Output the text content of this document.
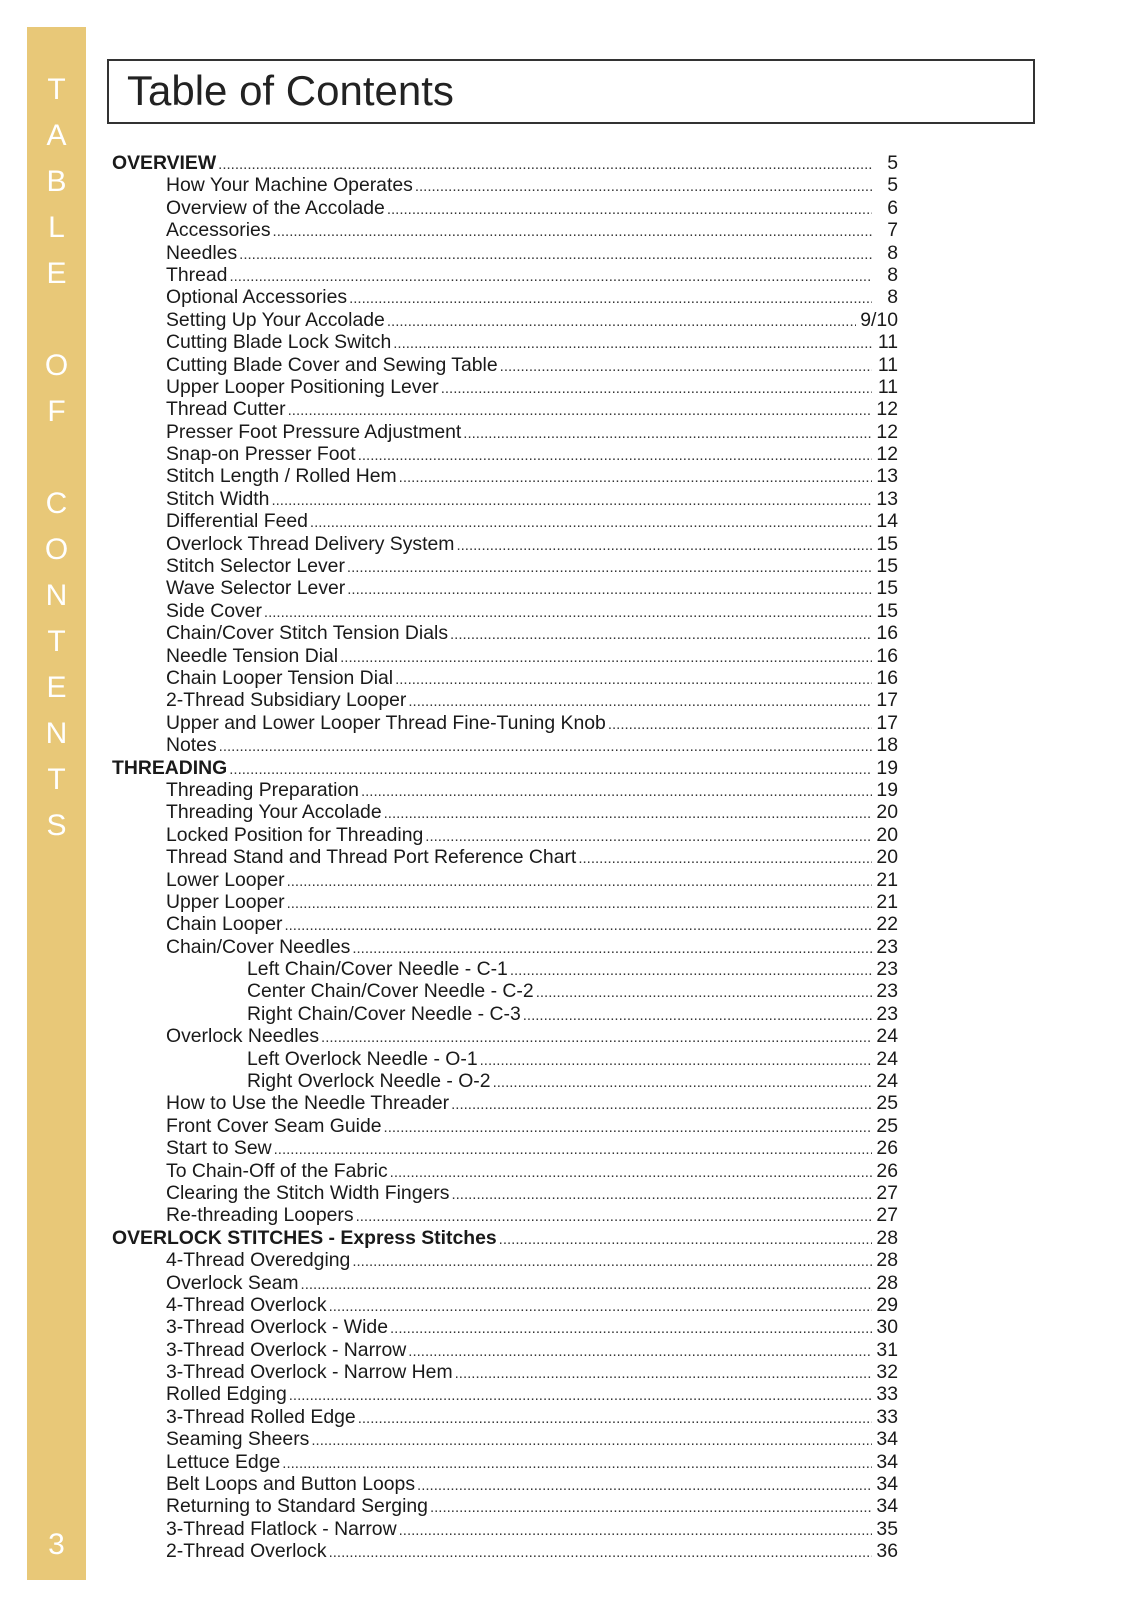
T
A
B
L
E
O
F
C
O
N
T
E
N
T
S
3
Table of Contents
OVERVIEW .....	5
How Your Machine Operates .....	5
Overview of the Accolade .....	6
Accessories .....	7
Needles .....	8
Thread .....	8
Optional Accessories .....	8
Setting Up Your Accolade .....	9/10
Cutting Blade Lock Switch .....	11
Cutting Blade Cover and Sewing Table .....	11
Upper Looper Positioning Lever .....	11
Thread Cutter .....	12
Presser Foot Pressure Adjustment .....	12
Snap-on Presser Foot .....	12
Stitch Length / Rolled Hem .....	13
Stitch Width .....	13
Differential Feed .....	14
Overlock Thread Delivery System .....	15
Stitch Selector Lever .....	15
Wave Selector Lever .....	15
Side Cover .....	15
Chain/Cover Stitch Tension Dials .....	16
Needle Tension Dial .....	16
Chain Looper Tension Dial .....	16
2-Thread Subsidiary Looper .....	17
Upper and Lower Looper Thread Fine-Tuning Knob .....	17
Notes .....	18
THREADING .....	19
Threading Preparation .....	19
Threading Your Accolade .....	20
Locked Position for Threading .....	20
Thread Stand and Thread Port Reference Chart .....	20
Lower Looper .....	21
Upper Looper .....	21
Chain Looper .....	22
Chain/Cover Needles .....	23
Left Chain/Cover Needle - C-1 .....	23
Center Chain/Cover Needle - C-2 .....	23
Right Chain/Cover Needle - C-3 .....	23
Overlock Needles .....	24
Left Overlock Needle - O-1 .....	24
Right Overlock Needle - O-2 .....	24
How to Use the Needle Threader .....	25
Front Cover Seam Guide .....	25
Start to Sew .....	26
To Chain-Off of the Fabric .....	26
Clearing the Stitch Width Fingers .....	27
Re-threading Loopers .....	27
OVERLOCK STITCHES - Express Stitches .....	28
4-Thread Overedging .....	28
Overlock Seam .....	28
4-Thread Overlock .....	29
3-Thread Overlock - Wide .....	30
3-Thread Overlock - Narrow .....	31
3-Thread Overlock - Narrow Hem .....	32
Rolled Edging .....	33
3-Thread Rolled Edge .....	33
Seaming Sheers .....	34
Lettuce Edge .....	34
Belt Loops and Button Loops .....	34
Returning to Standard Serging .....	34
3-Thread Flatlock - Narrow .....	35
2-Thread Overlock .....	36
